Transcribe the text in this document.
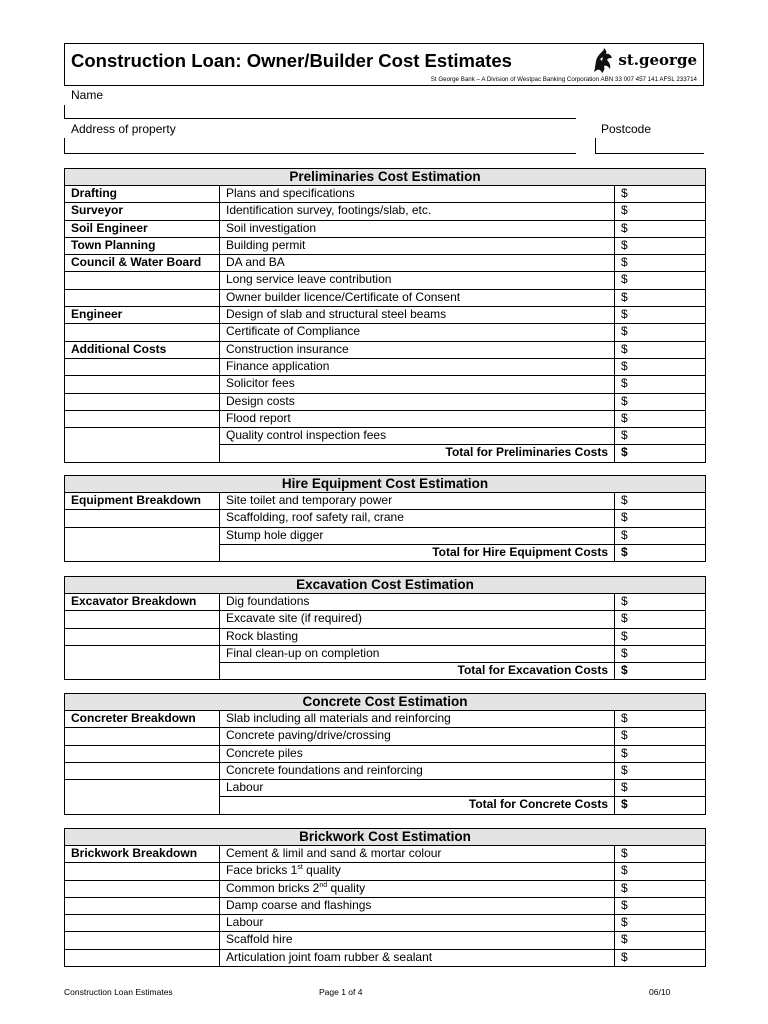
Construction Loan: Owner/Builder Cost Estimates	st.george
St George Bank – A Division of Westpac Banking Corporation ABN 33 007 457 141 AFSL 233714
Name
Address of property	Postcode
Preliminaries Cost Estimation		
Drafting	Plans and specifications	$
Surveyor	Identification survey, footings/slab, etc.	$
Soil Engineer	Soil investigation	$
Town Planning	Building permit	$
Council & Water Board	DA and BA	$
	Long service leave contribution	$
	Owner builder licence/Certificate of Consent	$
Engineer	Design of slab and structural steel beams	$
	Certificate of Compliance	$
Additional Costs	Construction insurance	$
	Finance application	$
	Solicitor fees	$
	Design costs	$
	Flood report	$
	Quality control inspection fees	$
	Total for Preliminaries Costs	$
Hire Equipment Cost Estimation		
Equipment Breakdown	Site toilet and temporary power	$
	Scaffolding, roof safety rail, crane	$
	Stump hole digger	$
	Total for Hire Equipment Costs	$
Excavation Cost Estimation		
Excavator Breakdown	Dig foundations	$
	Excavate site (if required)	$
	Rock blasting	$
	Final clean-up on completion	$
	Total for Excavation Costs	$
Concrete Cost Estimation		
Concreter Breakdown	Slab including all materials and reinforcing	$
	Concrete paving/drive/crossing	$
	Concrete piles	$
	Concrete foundations and reinforcing	$
	Labour	$
	Total for Concrete Costs	$
Brickwork Cost Estimation		
Brickwork Breakdown	Cement & limil and sand & mortar colour	$
	Face bricks 1st quality	$
	Common bricks 2nd quality	$
	Damp coarse and flashings	$
	Labour	$
	Scaffold hire	$
	Articulation joint foam rubber & sealant	$
Construction Loan Estimates	Page 1 of 4	06/10
